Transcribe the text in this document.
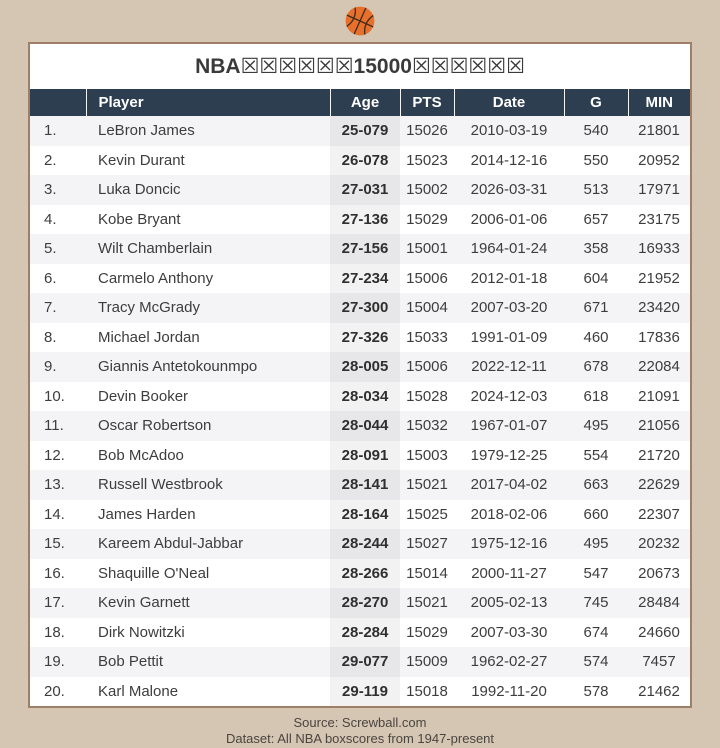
NBA☒☒☒☒☒☒15000☒☒☒☒☒☒
	Player	Age	PTS	Date	G	MIN
1.	LeBron James	25-079	15026	2010-03-19	540	21801
2.	Kevin Durant	26-078	15023	2014-12-16	550	20952
3.	Luka Doncic	27-031	15002	2026-03-31	513	17971
4.	Kobe Bryant	27-136	15029	2006-01-06	657	23175
5.	Wilt Chamberlain	27-156	15001	1964-01-24	358	16933
6.	Carmelo Anthony	27-234	15006	2012-01-18	604	21952
7.	Tracy McGrady	27-300	15004	2007-03-20	671	23420
8.	Michael Jordan	27-326	15033	1991-01-09	460	17836
9.	Giannis Antetokounmpo	28-005	15006	2022-12-11	678	22084
10.	Devin Booker	28-034	15028	2024-12-03	618	21091
11.	Oscar Robertson	28-044	15032	1967-01-07	495	21056
12.	Bob McAdoo	28-091	15003	1979-12-25	554	21720
13.	Russell Westbrook	28-141	15021	2017-04-02	663	22629
14.	James Harden	28-164	15025	2018-02-06	660	22307
15.	Kareem Abdul-Jabbar	28-244	15027	1975-12-16	495	20232
16.	Shaquille O'Neal	28-266	15014	2000-11-27	547	20673
17.	Kevin Garnett	28-270	15021	2005-02-13	745	28484
18.	Dirk Nowitzki	28-284	15029	2007-03-30	674	24660
19.	Bob Pettit	29-077	15009	1962-02-27	574	7457
20.	Karl Malone	29-119	15018	1992-11-20	578	21462
Source: Screwball.com
Dataset: All NBA boxscores from 1947-present
